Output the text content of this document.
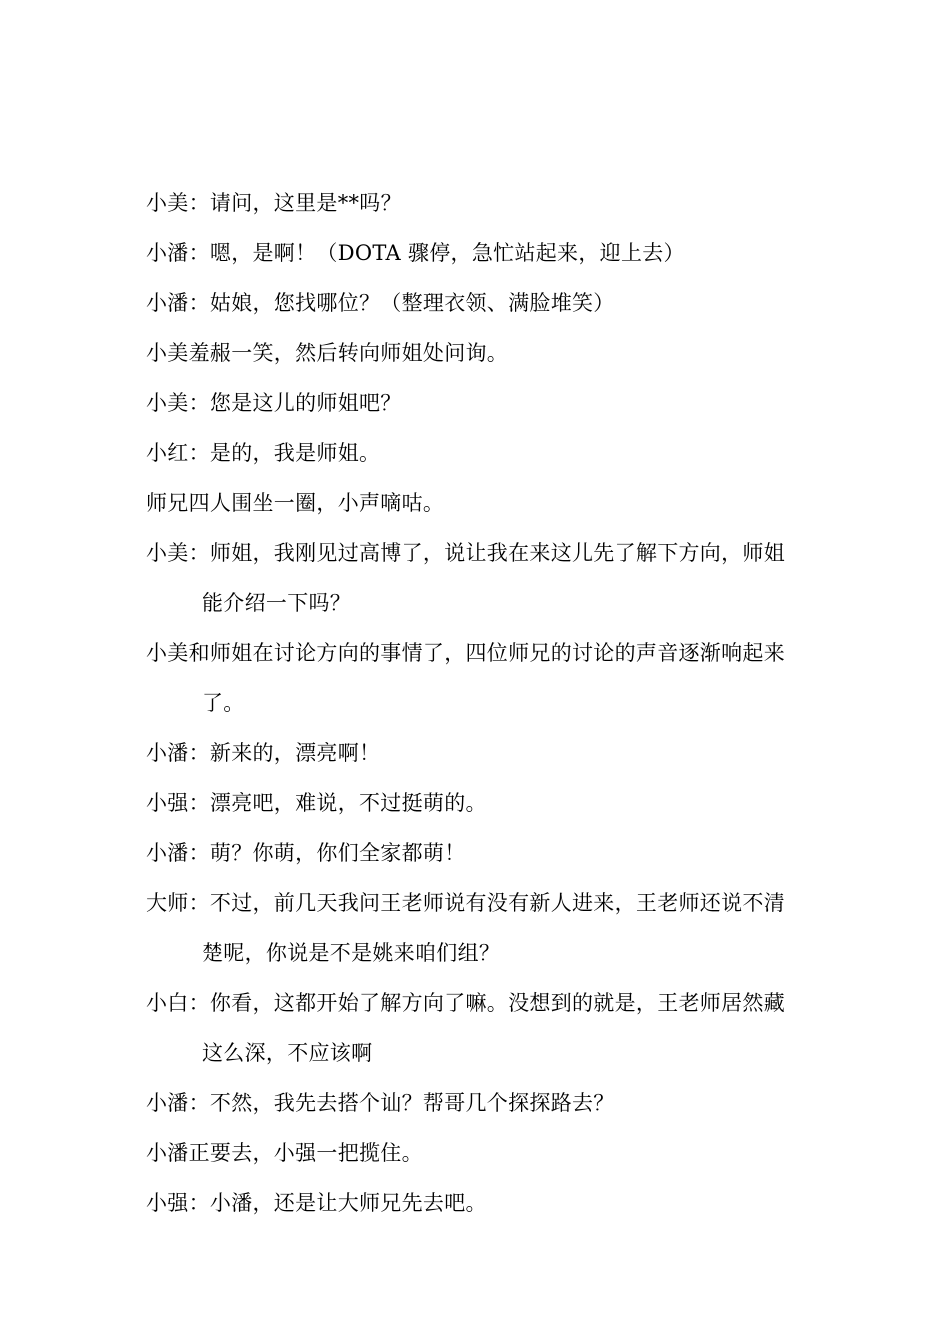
小美：请问，这里是**吗？

小潘：嗯，是啊！（DOTA 骤停，急忙站起来，迎上去）

小潘：姑娘，您找哪位？（整理衣领、满脸堆笑）

小美羞赧一笑，然后转向师姐处问询。

小美：您是这儿的师姐吧？

小红：是的，我是师姐。

师兄四人围坐一圈，小声嘀咕。

小美：师姐，我刚见过高博了，说让我在来这儿先了解下方向，师姐能介绍一下吗？

小美和师姐在讨论方向的事情了，四位师兄的讨论的声音逐渐响起来了。

小潘：新来的，漂亮啊！

小强：漂亮吧，难说，不过挺萌的。

小潘：萌？你萌，你们全家都萌！

大师：不过，前几天我问王老师说有没有新人进来，王老师还说不清楚呢，你说是不是姚来咱们组？

小白：你看，这都开始了解方向了嘛。没想到的就是，王老师居然藏这么深，不应该啊

小潘：不然，我先去搭个讪？帮哥几个探探路去？

小潘正要去，小强一把揽住。

小强：小潘，还是让大师兄先去吧。
